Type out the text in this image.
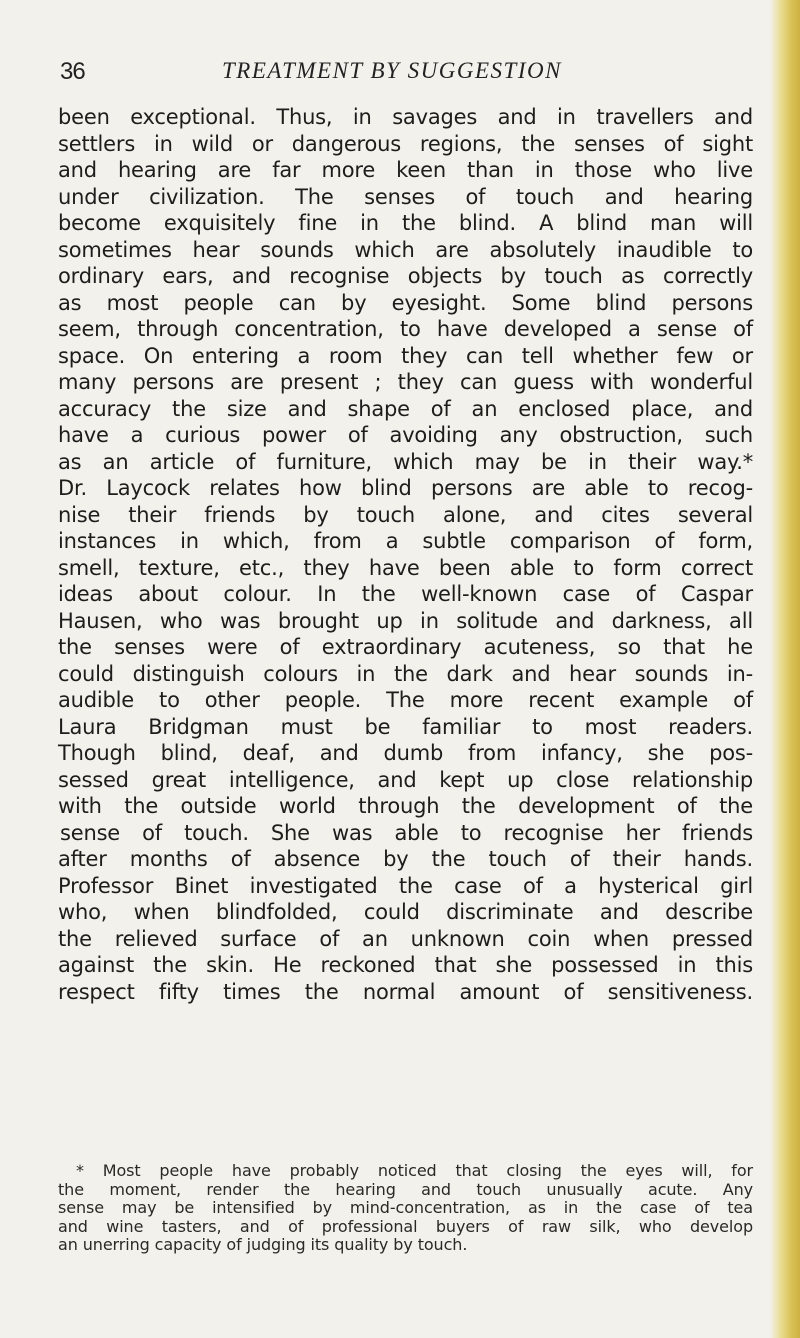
36	TREATMENT BY SUGGESTION
been exceptional. Thus, in savages and in travellers and
settlers in wild or dangerous regions, the senses of sight
and hearing are far more keen than in those who live
under civilization. The senses of touch and hearing
become exquisitely fine in the blind. A blind man will
sometimes hear sounds which are absolutely inaudible to
ordinary ears, and recognise objects by touch as correctly
as most people can by eyesight. Some blind persons
seem, through concentration, to have developed a sense of
space. On entering a room they can tell whether few or
many persons are present ; they can guess with wonderful
accuracy the size and shape of an enclosed place, and
have a curious power of avoiding any obstruction, such
as an article of furniture, which may be in their way.*
Dr. Laycock relates how blind persons are able to recog-
nise their friends by touch alone, and cites several
instances in which, from a subtle comparison of form,
smell, texture, etc., they have been able to form correct
ideas about colour. In the well-known case of Caspar
Hausen, who was brought up in solitude and darkness, all
the senses were of extraordinary acuteness, so that he
could distinguish colours in the dark and hear sounds in-
audible to other people. The more recent example of
Laura Bridgman must be familiar to most readers.
Though blind, deaf, and dumb from infancy, she pos-
sessed great intelligence, and kept up close relationship
with the outside world through the development of the
sense of touch. She was able to recognise her friends
after months of absence by the touch of their hands.
Professor Binet investigated the case of a hysterical girl
who, when blindfolded, could discriminate and describe
the relieved surface of an unknown coin when pressed
against the skin. He reckoned that she possessed in this
respect fifty times the normal amount of sensitiveness.
* Most people have probably noticed that closing the eyes will, for
the moment, render the hearing and touch unusually acute. Any
sense may be intensified by mind-concentration, as in the case of tea
and wine tasters, and of professional buyers of raw silk, who develop
an unerring capacity of judging its quality by touch.
